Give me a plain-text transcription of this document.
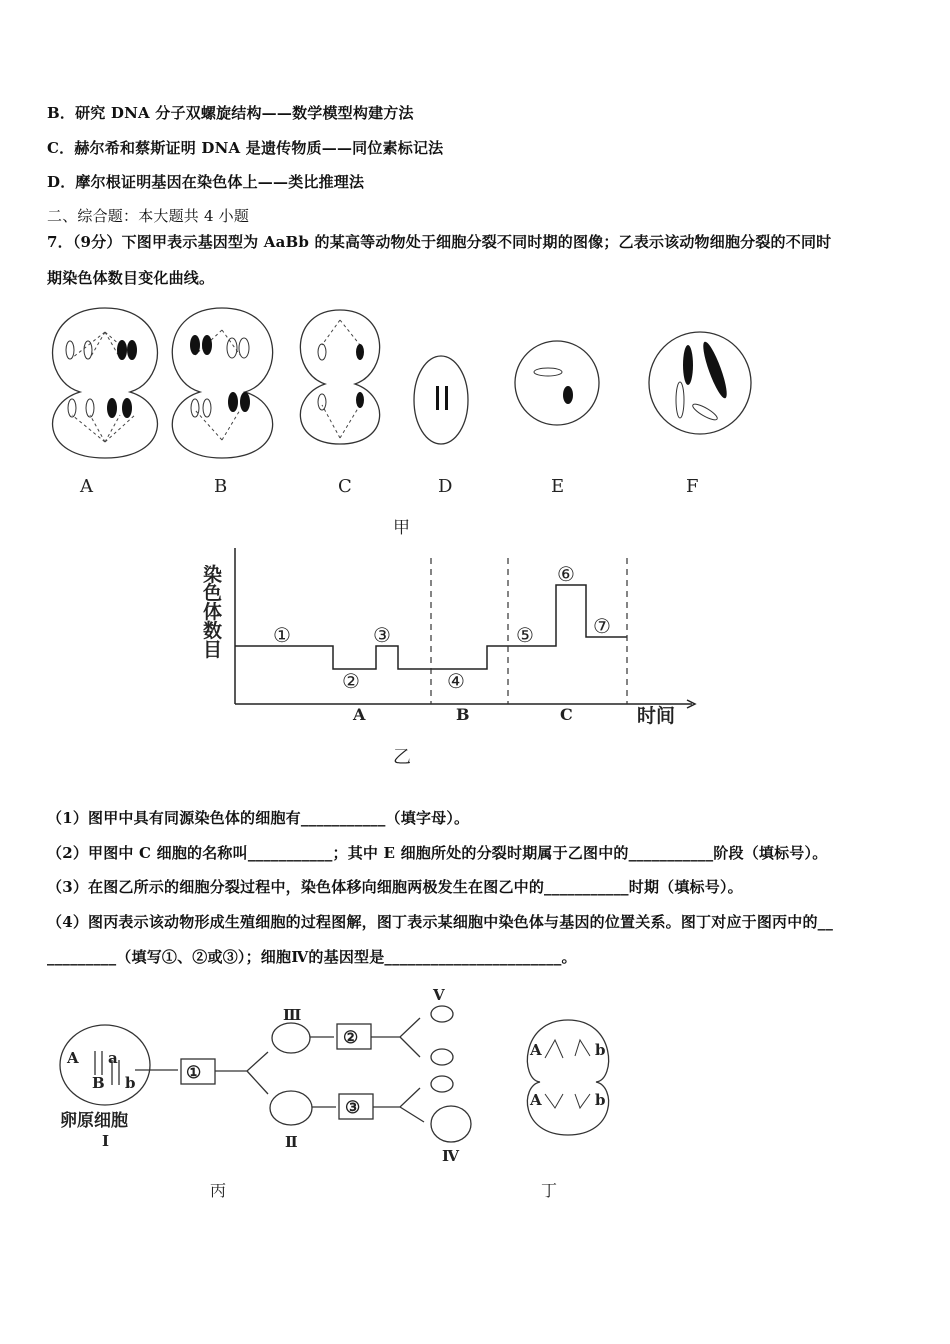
B．研究 DNA 分子双螺旋结构——数学模型构建方法
C．赫尔希和蔡斯证明 DNA 是遗传物质——同位素标记法
D．摩尔根证明基因在染色体上——类比推理法
二、综合题：本大题共 4 小题
7．（9分）下图甲表示基因型为 AaBb 的某高等动物处于细胞分裂不同时期的图像；乙表示该动物细胞分裂的不同时
期染色体数目变化曲线。
A	B	C	D	E	F
甲
染
色
体
数
目
①
②
③
④
⑤
⑥
⑦
A	B	C	时间
乙
（1）图甲中具有同源染色体的细胞有___________（填字母）。
（2）甲图中 C 细胞的名称叫___________；其中 E 细胞所处的分裂时期属于乙图中的___________阶段（填标号）。
（3）在图乙所示的细胞分裂过程中，染色体移向细胞两极发生在图乙中的___________时期（填标号）。
（4）图丙表示该动物形成生殖细胞的过程图解，图丁表示某细胞中染色体与基因的位置关系。图丁对应于图丙中的__
_________（填写①、②或③）；细胞Ⅳ的基因型是_______________________。
A a
B b
卵原细胞
Ⅰ
①
②
③
Ⅱ
Ⅲ
Ⅳ
Ⅴ
A	b
A	b
丙	丁
